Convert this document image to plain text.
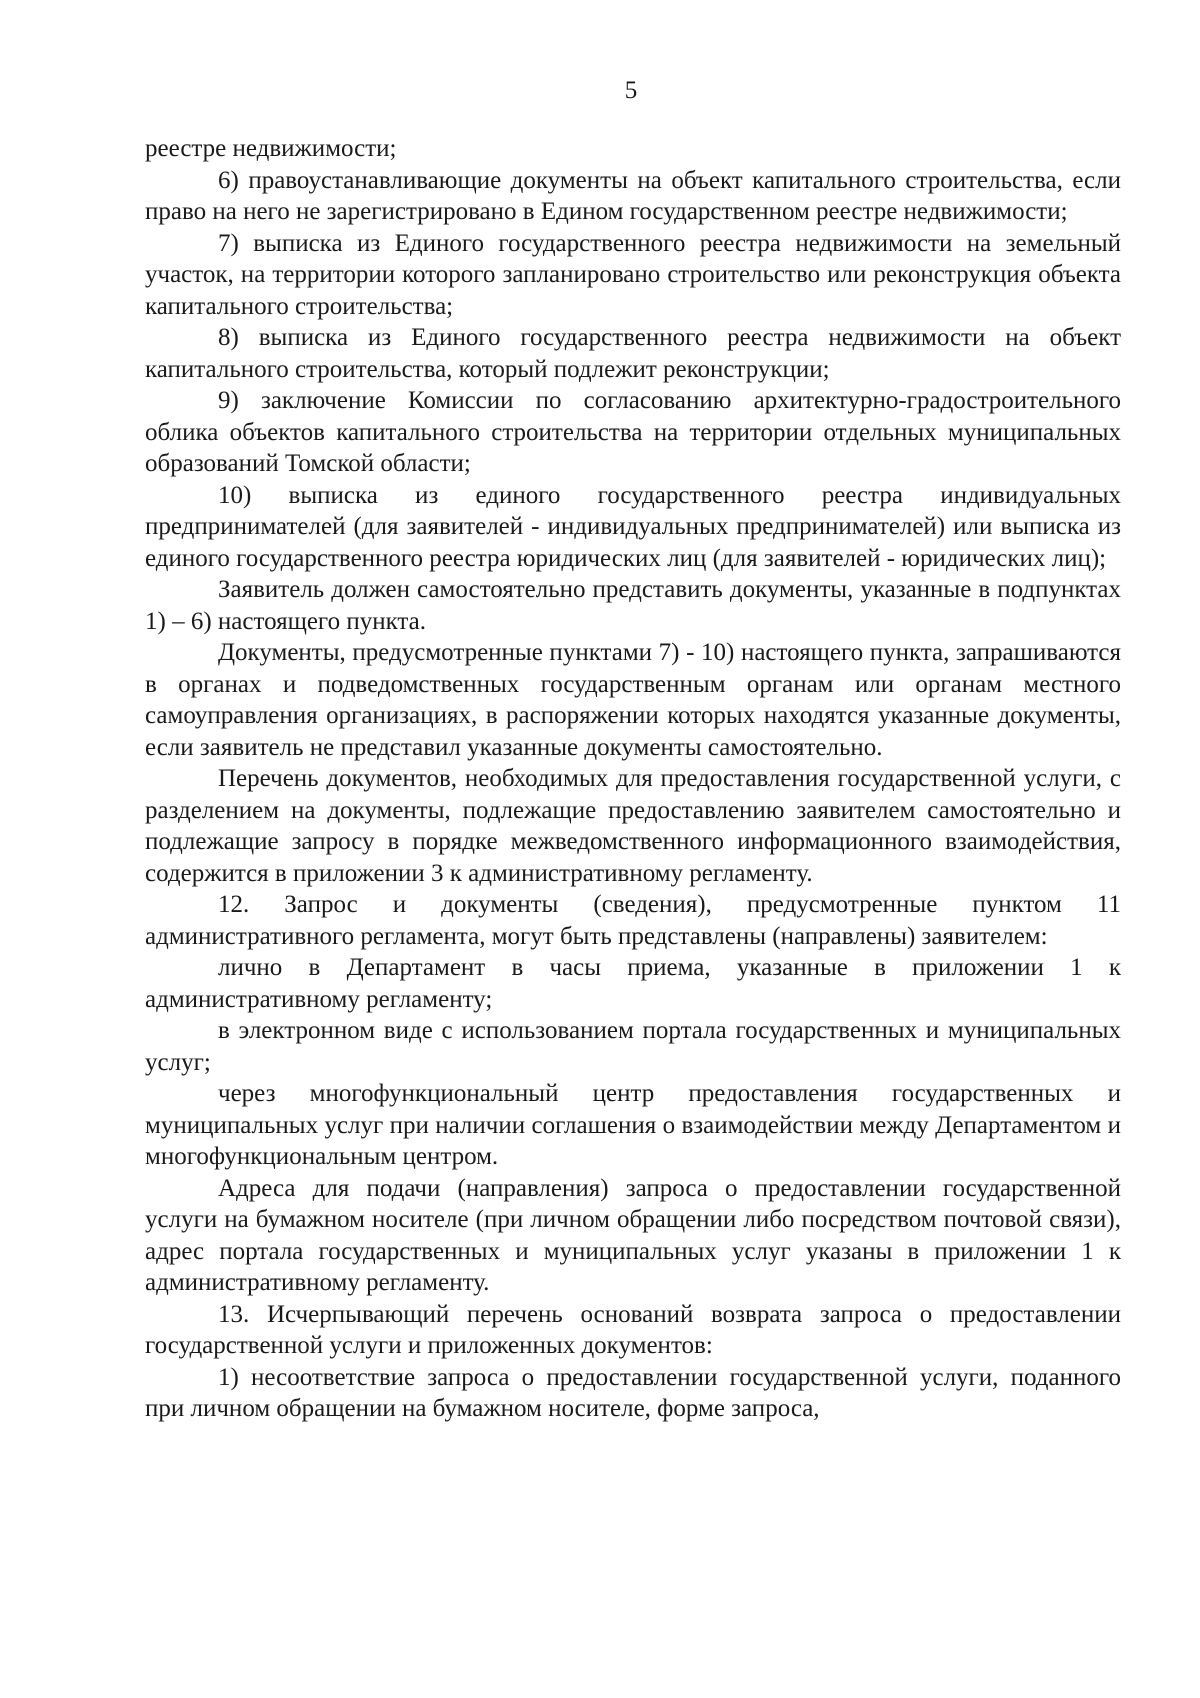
5

реестре недвижимости;

6) правоустанавливающие документы на объект капитального строительства, если право на него не зарегистрировано в Едином государственном реестре недвижимости;

7) выписка из Единого государственного реестра недвижимости на земельный участок, на территории которого запланировано строительство или реконструкция объекта капитального строительства;

8) выписка из Единого государственного реестра недвижимости на объект капитального строительства, который подлежит реконструкции;

9) заключение Комиссии по согласованию архитектурно-градостроительного облика объектов капитального строительства на территории отдельных муниципальных образований Томской области;

10) выписка из единого государственного реестра индивидуальных предпринимателей (для заявителей - индивидуальных предпринимателей) или выписка из единого государственного реестра юридических лиц (для заявителей - юридических лиц);

Заявитель должен самостоятельно представить документы, указанные в подпунктах 1) – 6) настоящего пункта.

Документы, предусмотренные пунктами 7) - 10) настоящего пункта, запрашиваются в органах и подведомственных государственным органам или органам местного самоуправления организациях, в распоряжении которых находятся указанные документы, если заявитель не представил указанные документы самостоятельно.

Перечень документов, необходимых для предоставления государственной услуги, с разделением на документы, подлежащие предоставлению заявителем самостоятельно и подлежащие запросу в порядке межведомственного информационного взаимодействия, содержится в приложении 3 к административному регламенту.

12. Запрос и документы (сведения), предусмотренные пунктом 11 административного регламента, могут быть представлены (направлены) заявителем:

лично в Департамент в часы приема, указанные в приложении 1 к административному регламенту;

в электронном виде с использованием портала государственных и муниципальных услуг;

через многофункциональный центр предоставления государственных и муниципальных услуг при наличии соглашения о взаимодействии между Департаментом и многофункциональным центром.

Адреса для подачи (направления) запроса о предоставлении государственной услуги на бумажном носителе (при личном обращении либо посредством почтовой связи), адрес портала государственных и муниципальных услуг указаны в приложении 1 к административному регламенту.

13. Исчерпывающий перечень оснований возврата запроса о предоставлении государственной услуги и приложенных документов:

1) несоответствие запроса о предоставлении государственной услуги, поданного при личном обращении на бумажном носителе, форме запроса,
